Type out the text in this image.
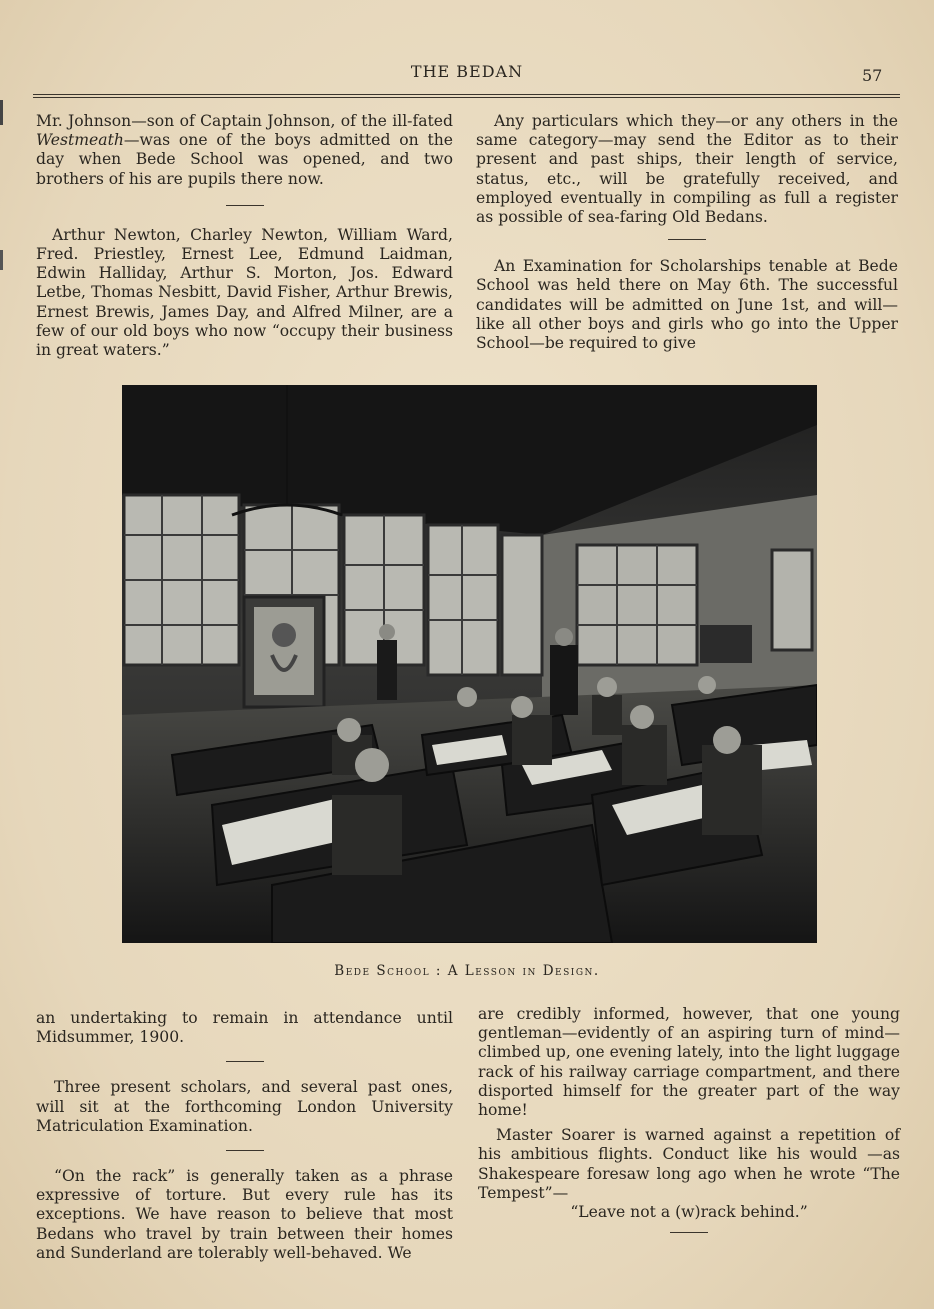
THE BEDAN	57

Mr. Johnson—son of Captain Johnson, of the ill-fated Westmeath—was one of the boys admitted on the day when Bede School was opened, and two brothers of his are pupils there now.

Arthur Newton, Charley Newton, William Ward, Fred. Priestley, Ernest Lee, Edmund Laidman, Edwin Halliday, Arthur S. Morton, Jos. Edward Letbe, Thomas Nesbitt, David Fisher, Arthur Brewis, Ernest Brewis, James Day, and Alfred Milner, are a few of our old boys who now “occupy their business in great waters.”

Any particulars which they—or any others in the same category—may send the Editor as to their present and past ships, their length of service, status, etc., will be gratefully received, and employed eventually in compiling as full a register as possible of sea-faring Old Bedans.

An Examination for Scholarships tenable at Bede School was held there on May 6th. The successful candidates will be admitted on June 1st, and will—like all other boys and girls who go into the Upper School—be required to give

Bede School : A Lesson in Design.

an undertaking to remain in attendance until Midsummer, 1900.

Three present scholars, and several past ones, will sit at the forthcoming London University Matriculation Examination.

“On the rack” is generally taken as a phrase expressive of torture. But every rule has its exceptions. We have reason to believe that most Bedans who travel by train between their homes and Sunderland are tolerably well-behaved. We

are credibly informed, however, that one young gentleman—evidently of an aspiring turn of mind—climbed up, one evening lately, into the light luggage rack of his railway carriage compartment, and there disported himself for the greater part of the way home!

Master Soarer is warned against a repetition of his ambitious flights. Conduct like his would —as Shakespeare foresaw long ago when he wrote “The Tempest”—

“Leave not a (w)rack behind.”
